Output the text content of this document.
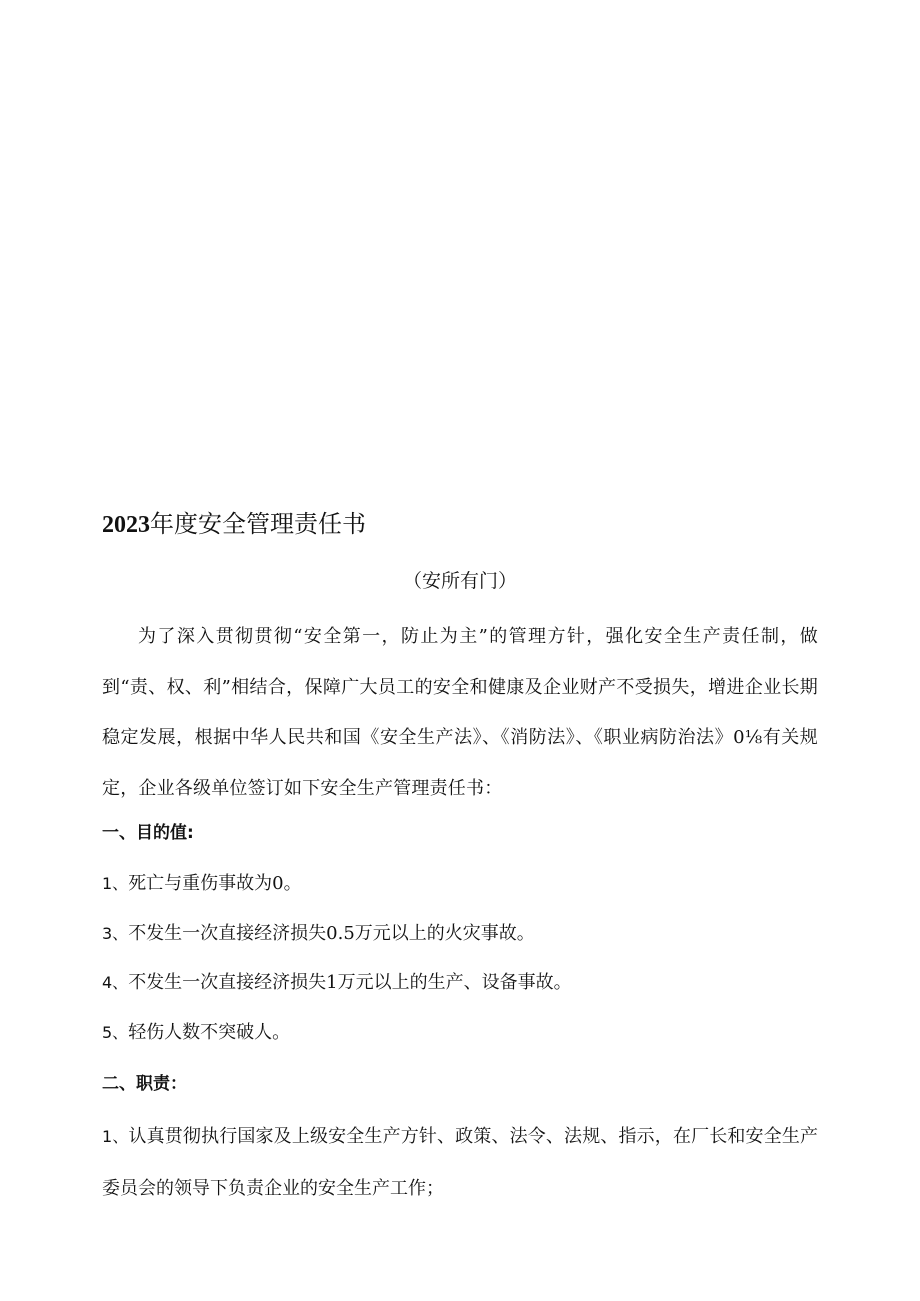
2023年度安全管理责任书
（安所有门）
为了深入贯彻贯彻“安全第一，防止为主”的管理方针，强化安全生产责任制，做到“责、权、利”相结合，保障广大员工的安全和健康及企业财产不受损失，增进企业长期稳定发展，根据中华人民共和国《安全生产法》、《消防法》、《职业病防治法》0⅛有关规定，企业各级单位签订如下安全生产管理责任书：
一、目的值:
1、死亡与重伤事故为0。
3、不发生一次直接经济损失0.5万元以上的火灾事故。
4、不发生一次直接经济损失1万元以上的生产、设备事故。
5、轻伤人数不突破人。
二、职责：
1、认真贯彻执行国家及上级安全生产方针、政策、法令、法规、指示，在厂长和安全生产委员会的领导下负责企业的安全生产工作；
